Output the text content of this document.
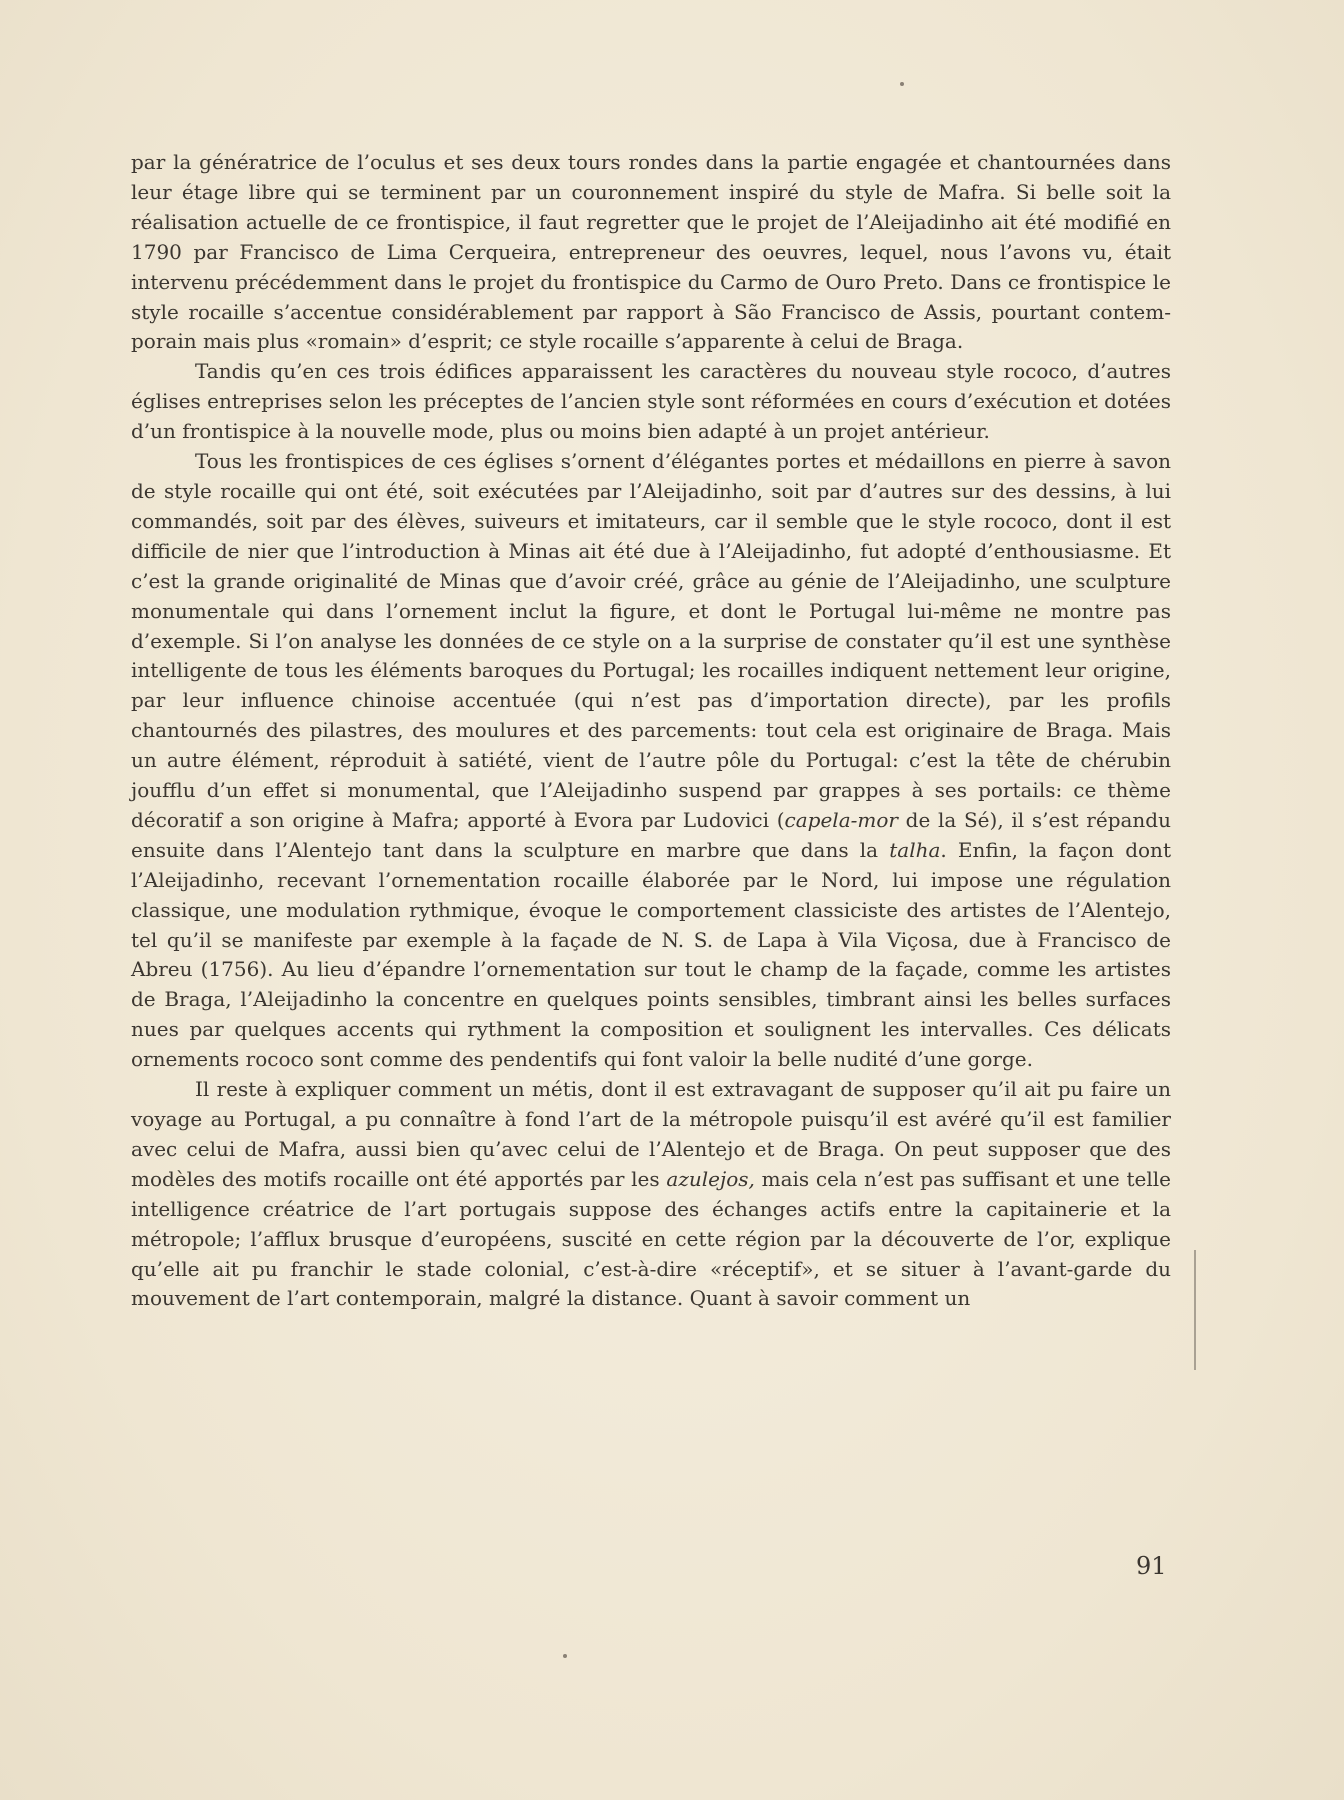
par la génératrice de l’oculus et ses deux tours rondes dans la partie engagée et chantournées dans leur étage libre qui se terminent par un couronnement inspiré du style de Mafra. Si belle soit la réalisation actuelle de ce frontispice, il faut regretter que le projet de l’Aleijadinho ait été modifié en 1790 par Francisco de Lima Cerqueira, entrepreneur des oeuvres, lequel, nous l’avons vu, était intervenu précédemment dans le projet du frontispice du Carmo de Ouro Preto. Dans ce frontispice le style rocaille s’accentue considérablement par rapport à São Francisco de Assis, pourtant contemporain mais plus «romain» d’esprit; ce style rocaille s’apparente à celui de Braga.

Tandis qu’en ces trois édifices apparaissent les caractères du nouveau style rococo, d’autres églises entreprises selon les préceptes de l’ancien style sont réformées en cours d’exécution et dotées d’un frontispice à la nouvelle mode, plus ou moins bien adapté à un projet antérieur.

Tous les frontispices de ces églises s’ornent d’élégantes portes et médaillons en pierre à savon de style rocaille qui ont été, soit exécutées par l’Aleijadinho, soit par d’autres sur des dessins, à lui commandés, soit par des élèves, suiveurs et imitateurs, car il semble que le style rococo, dont il est difficile de nier que l’introduction à Minas ait été due à l’Aleijadinho, fut adopté d’enthousiasme. Et c’est la grande originalité de Minas que d’avoir créé, grâce au génie de l’Aleijadinho, une sculpture monumentale qui dans l’ornement inclut la figure, et dont le Portugal lui-même ne montre pas d’exemple. Si l’on analyse les données de ce style on a la surprise de constater qu’il est une synthèse intelligente de tous les éléments baroques du Portugal; les rocailles indiquent nettement leur origine, par leur influence chinoise accentuée (qui n’est pas d’importation directe), par les profils chantournés des pilastres, des moulures et des parcements: tout cela est originaire de Braga. Mais un autre élément, réproduit à satiété, vient de l’autre pôle du Portugal: c’est la tête de chérubin joufflu d’un effet si monumental, que l’Aleijadinho suspend par grappes à ses portails: ce thème décoratif a son origine à Mafra; apporté à Evora par Ludovici (capela-mor de la Sé), il s’est répandu ensuite dans l’Alentejo tant dans la sculpture en marbre que dans la talha. Enfin, la façon dont l’Aleijadinho, recevant l’ornementation rocaille élaborée par le Nord, lui impose une régulation classique, une modulation rythmique, évoque le comportement classiciste des artistes de l’Alentejo, tel qu’il se manifeste par exemple à la façade de N. S. de Lapa à Vila Viçosa, due à Francisco de Abreu (1756). Au lieu d’épandre l’ornementation sur tout le champ de la façade, comme les artistes de Braga, l’Aleijadinho la concentre en quelques points sensibles, timbrant ainsi les belles surfaces nues par quelques accents qui rythment la composition et soulignent les intervalles. Ces délicats ornements rococo sont comme des pendentifs qui font valoir la belle nudité d’une gorge.

Il reste à expliquer comment un métis, dont il est extravagant de supposer qu’il ait pu faire un voyage au Portugal, a pu connaître à fond l’art de la métropole puisqu’il est avéré qu’il est familier avec celui de Mafra, aussi bien qu’avec celui de l’Alentejo et de Braga. On peut supposer que des modèles des motifs rocaille ont été apportés par les azulejos, mais cela n’est pas suffisant et une telle intelligence créatrice de l’art portugais suppose des échanges actifs entre la capitainerie et la métropole; l’afflux brusque d’européens, suscité en cette région par la découverte de l’or, explique qu’elle ait pu franchir le stade colonial, c’est-à-dire «réceptif», et se situer à l’avant-garde du mouvement de l’art contemporain, malgré la distance. Quant à savoir comment un

91
